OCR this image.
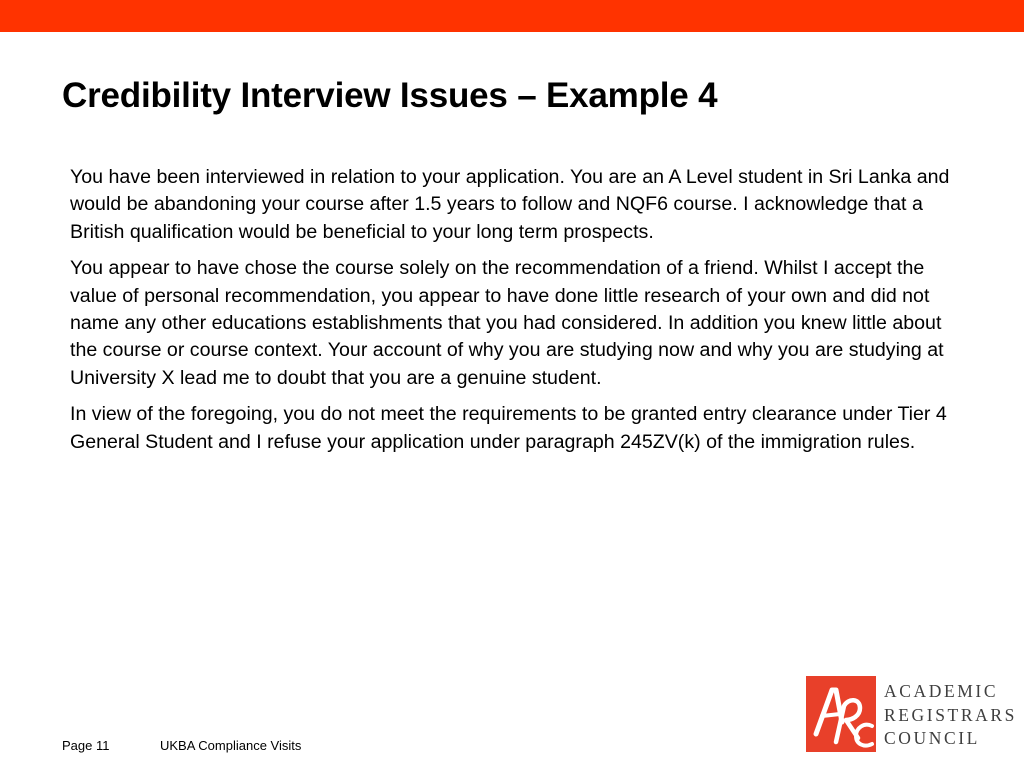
Credibility Interview Issues – Example 4

You have been interviewed in relation to your application. You are an A Level student in Sri Lanka and would be abandoning your course after 1.5 years to follow and NQF6 course. I acknowledge that a British qualification would be beneficial to your long term prospects.

You appear to have chose the course solely on the recommendation of a friend. Whilst I accept the value of personal recommendation, you appear to have done little research of your own and did not name any other educations establishments that you had considered. In addition you knew little about the course or course context. Your account of why you are studying now and why you are studying at University X lead me to doubt that you are a genuine student.

In view of the foregoing, you do not meet the requirements to be granted entry clearance under Tier 4 General Student and I refuse your application under paragraph 245ZV(k) of the immigration rules.

Page 11	UKBA Compliance Visits
ACADEMIC
REGISTRARS
COUNCIL
